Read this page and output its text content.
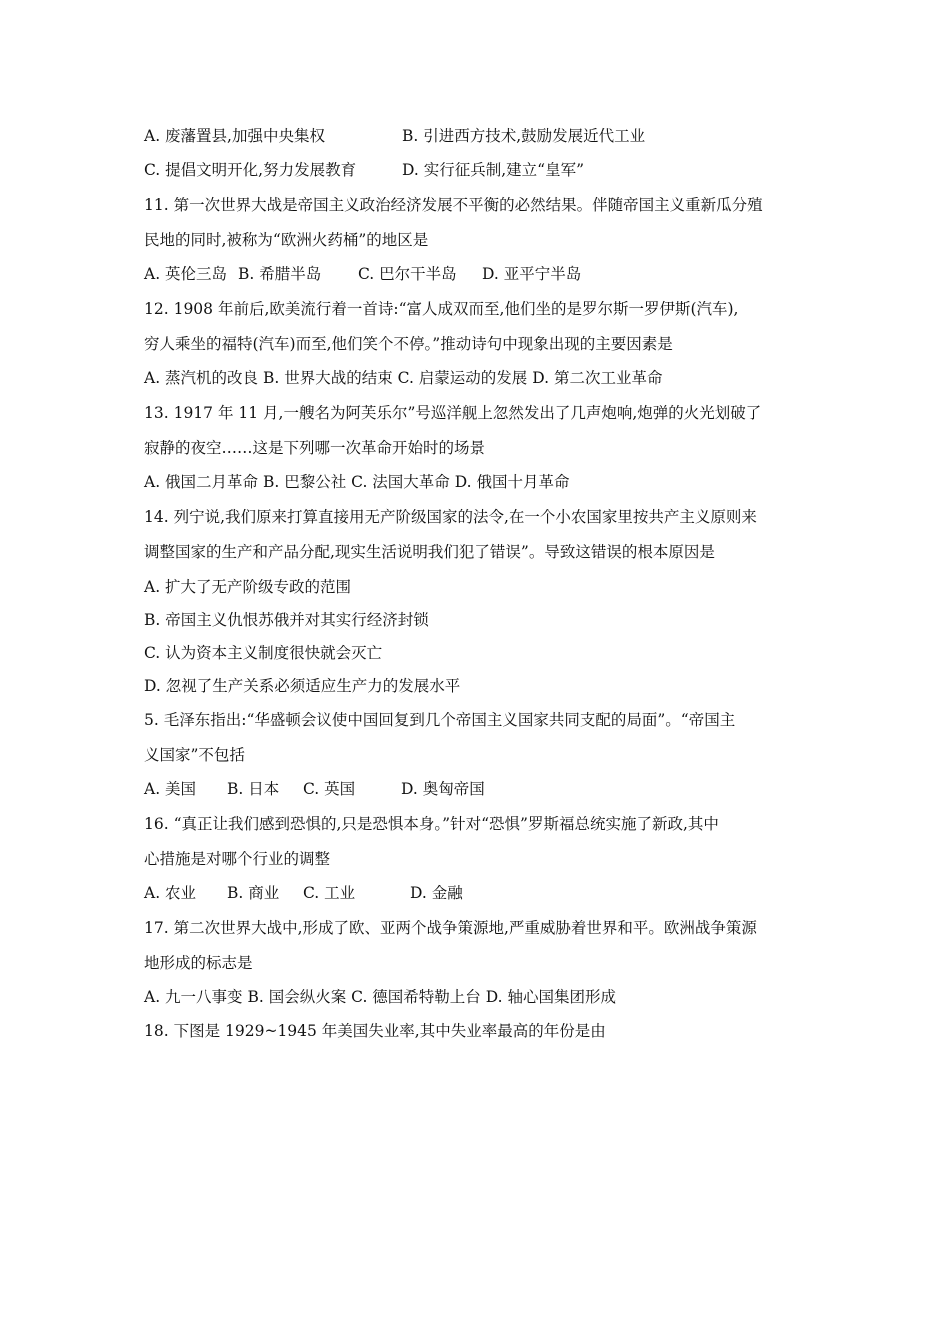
A. 废藩置县,加强中央集权	B. 引进西方技术,鼓励发展近代工业
C. 提倡文明开化,努力发展教育	D. 实行征兵制,建立“皇军”
11. 第一次世界大战是帝国主义政治经济发展不平衡的必然结果。伴随帝国主义重新瓜分殖
民地的同时,被称为“欧洲火药桶”的地区是
A. 英伦三岛 B. 希腊半岛 C. 巴尔干半岛 D. 亚平宁半岛
12. 1908 年前后,欧美流行着一首诗:“富人成双而至,他们坐的是罗尔斯一罗伊斯(汽车),
穷人乘坐的福特(汽车)而至,他们笑个不停。”推动诗句中现象出现的主要因素是
A. 蒸汽机的改良 B. 世界大战的结束 C. 启蒙运动的发展 D. 第二次工业革命
13. 1917 年 11 月,一艘名为阿芙乐尔”号巡洋舰上忽然发出了几声炮响,炮弹的火光划破了
寂静的夜空……这是下列哪一次革命开始时的场景
A. 俄国二月革命 B. 巴黎公社 C. 法国大革命 D. 俄国十月革命
14. 列宁说,我们原来打算直接用无产阶级国家的法令,在一个小农国家里按共产主义原则来
调整国家的生产和产品分配,现实生活说明我们犯了错误”。导致这错误的根本原因是
A. 扩大了无产阶级专政的范围
B. 帝国主义仇恨苏俄并对其实行经济封锁
C. 认为资本主义制度很快就会灭亡
D. 忽视了生产关系必须适应生产力的发展水平
5. 毛泽东指出:“华盛顿会议使中国回复到几个帝国主义国家共同支配的局面”。“帝国主
义国家”不包括
A. 美国 B. 日本 C. 英国	D. 奥匈帝国
16. “真正让我们感到恐惧的,只是恐惧本身。”针对“恐惧”罗斯福总统实施了新政,其中
心措施是对哪个行业的调整
A. 农业 B. 商业 C. 工业	D. 金融
17. 第二次世界大战中,形成了欧、亚两个战争策源地,严重威胁着世界和平。欧洲战争策源
地形成的标志是
A. 九一八事变 B. 国会纵火案 C. 德国希特勒上台 D. 轴心国集团形成
18. 下图是 1929~1945 年美国失业率,其中失业率最高的年份是由
